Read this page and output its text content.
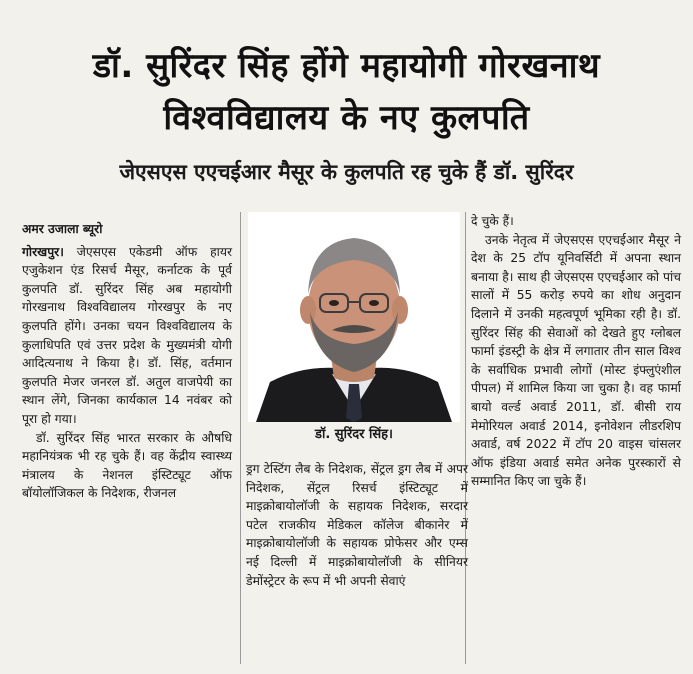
डॉ. सुरिंदर सिंह होंगे महायोगी गोरखनाथ
विश्वविद्यालय के नए कुलपति
जेएसएस एएचईआर मैसूर के कुलपति रह चुके हैं डॉ. सुरिंदर

अमर उजाला ब्यूरो

गोरखपुर। जेएसएस एकेडमी ऑफ हायर एजुकेशन एंड रिसर्च मैसूर, कर्नाटक के पूर्व कुलपति डॉ. सुरिंदर सिंह अब महायोगी गोरखनाथ विश्वविद्यालय गोरखपुर के नए कुलपति होंगे। उनका चयन विश्वविद्यालय के कुलाधिपति एवं उत्तर प्रदेश के मुख्यमंत्री योगी आदित्यनाथ ने किया है। डॉ. सिंह, वर्तमान कुलपति मेजर जनरल डॉ. अतुल वाजपेयी का स्थान लेंगे, जिनका कार्यकाल 14 नवंबर को पूरा हो गया।

डॉ. सुरिंदर सिंह भारत सरकार के औषधि महानियंत्रक भी रह चुके हैं। वह केंद्रीय स्वास्थ्य मंत्रालय के नेशनल इंस्टिट्यूट ऑफ बॉयोलॉजिकल के निदेशक, रीजनल

डॉ. सुरिंदर सिंह।

ड्रग टेस्टिंग लैब के निदेशक, सेंट्रल ड्रग लैब में अपर निदेशक, सेंट्रल रिसर्च इंस्टिट्यूट में माइक्रोबायोलॉजी के सहायक निदेशक, सरदार पटेल राजकीय मेडिकल कॉलेज बीकानेर में माइक्रोबायोलॉजी के सहायक प्रोफेसर और एम्स नई दिल्ली में माइक्रोबायोलॉजी के सीनियर डेमोंस्ट्रेटर के रूप में भी अपनी सेवाएं

दे चुके हैं।

उनके नेतृत्व में जेएसएस एएचईआर मैसूर ने देश के 25 टॉप यूनिवर्सिटी में अपना स्थान बनाया है। साथ ही जेएसएस एएचईआर को पांच सालों में 55 करोड़ रुपये का शोध अनुदान दिलाने में उनकी महत्वपूर्ण भूमिका रही है। डॉ. सुरिंदर सिंह की सेवाओं को देखते हुए ग्लोबल फार्मा इंडस्ट्री के क्षेत्र में लगातार तीन साल विश्व के सर्वाधिक प्रभावी लोगों (मोस्ट इंफ्लुएंशील पीपल) में शामिल किया जा चुका है। वह फार्मा बायो वर्ल्ड अवार्ड 2011, डॉ. बीसी राय मेमोरियल अवार्ड 2014, इनोवेशन लीडरशिप अवार्ड, वर्ष 2022 में टॉप 20 वाइस चांसलर ऑफ इंडिया अवार्ड समेत अनेक पुरस्कारों से सम्मानित किए जा चुके हैं।
